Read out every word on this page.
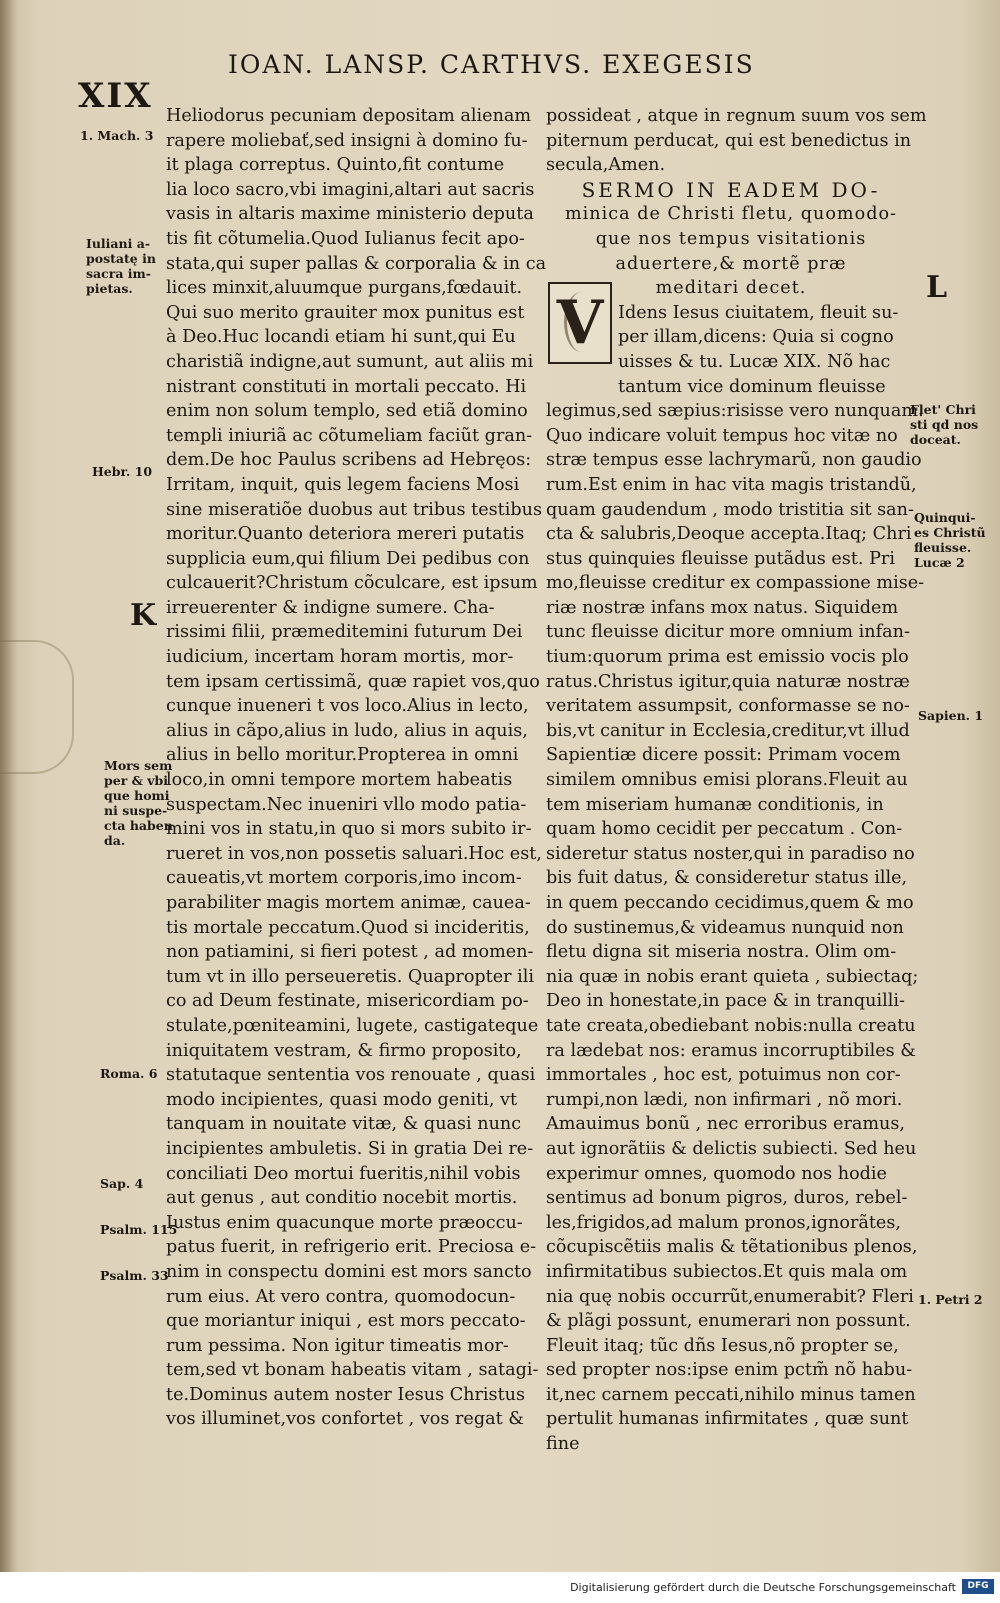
XIX
IOAN. LANSP. CARTHVS. EXEGESIS
Heliodorus pecuniam depositam alienam
rapere moliebať,sed insigni à domino fu-
it plaga correptus. Quinto,fit contume
lia loco sacro,vbi imagini,altari aut sacris
vasis in altaris maxime ministerio deputa
tis fit cõtumelia.Quod Iulianus fecit apo-
stata,qui super pallas & corporalia & in ca
lices minxit,aluumque purgans,fœdauit.
Qui suo merito grauiter mox punitus est
à Deo.Huc locandi etiam hi sunt,qui Eu
charistiã indigne,aut sumunt, aut aliis mi
nistrant constituti in mortali peccato. Hi
enim non solum templo, sed etiã domino
templi iniuriã ac cõtumeliam faciũt gran-
dem.De hoc Paulus scribens ad Hebręos:
Irritam, inquit, quis legem faciens Mosi
sine miseratiõe duobus aut tribus testibus
moritur.Quanto deteriora mereri putatis
supplicia eum,qui filium Dei pedibus con
culcauerit?Christum cõculcare, est ipsum
irreuerenter & indigne sumere. Cha-
rissimi filii, præmeditemini futurum Dei
iudicium, incertam horam mortis, mor-
tem ipsam certissimã, quæ rapiet vos,quo
cunque inueneri t vos loco.Alius in lecto,
alius in cãpo,alius in ludo, alius in aquis,
alius in bello moritur.Propterea in omni
loco,in omni tempore mortem habeatis
suspectam.Nec inueniri vllo modo patia-
mini vos in statu,in quo si mors subito ir-
rueret in vos,non possetis saluari.Hoc est,
caueatis,vt mortem corporis,imo incom-
parabiliter magis mortem animæ, cauea-
tis mortale peccatum.Quod si incideritis,
non patiamini, si fieri potest , ad momen-
tum vt in illo perseueretis. Quapropter ili
co ad Deum festinate, misericordiam po-
stulate,pœniteamini, lugete, castigateque
iniquitatem vestram, & firmo proposito,
statutaque sententia vos renouate , quasi
modo incipientes, quasi modo geniti, vt
tanquam in nouitate vitæ, & quasi nunc
incipientes ambuletis. Si in gratia Dei re-
conciliati Deo mortui fueritis,nihil vobis
aut genus , aut conditio nocebit mortis.
Iustus enim quacunque morte præoccu-
patus fuerit, in refrigerio erit. Preciosa e-
nim in conspectu domini est mors sancto
rum eius. At vero contra, quomodocun-
que moriantur iniqui , est mors peccato-
rum pessima. Non igitur timeatis mor-
tem,sed vt bonam habeatis vitam , satagi-
te.Dominus autem noster Iesus Christus
vos illuminet,vos confortet , vos regat &
possideat , atque in regnum suum vos sem
piternum perducat, qui est benedictus in
secula,Amen.
SERMO IN EADEM DO-
minica de Christi fletu, quomodo-
que nos tempus visitationis
aduertere,& mortẽ præ
meditari decet.
Idens Iesus ciuitatem, fleuit su-
per illam,dicens: Quia si cogno
uisses & tu. Lucæ XIX. Nõ hac
tantum vice dominum fleuisse
legimus,sed sæpius:risisse vero nunquam.
Quo indicare voluit tempus hoc vitæ no
stræ tempus esse lachrymarũ, non gaudio
rum.Est enim in hac vita magis tristandũ,
quam gaudendum , modo tristitia sit san-
cta & salubris,Deoque accepta.Itaq; Chri
stus quinquies fleuisse putãdus est. Pri
mo,fleuisse creditur ex compassione mise-
riæ nostræ infans mox natus. Siquidem
tunc fleuisse dicitur more omnium infan-
tium:quorum prima est emissio vocis plo
ratus.Christus igitur,quia naturæ nostræ
veritatem assumpsit, conformasse se no-
bis,vt canitur in Ecclesia,creditur,vt illud
Sapientiæ dicere possit: Primam vocem
similem omnibus emisi plorans.Fleuit au
tem miseriam humanæ conditionis, in
quam homo cecidit per peccatum . Con-
sideretur status noster,qui in paradiso no
bis fuit datus, & consideretur status ille,
in quem peccando cecidimus,quem & mo
do sustinemus,& videamus nunquid non
fletu digna sit miseria nostra. Olim om-
nia quæ in nobis erant quieta , subiectaq;
Deo in honestate,in pace & in tranquilli-
tate creata,obediebant nobis:nulla creatu
ra lædebat nos: eramus incorruptibiles &
immortales , hoc est, potuimus non cor-
rumpi,non lædi, non infirmari , nõ mori.
Amauimus bonũ , nec erroribus eramus,
aut ignorãtiis & delictis subiecti. Sed heu
experimur omnes, quomodo nos hodie
sentimus ad bonum pigros, duros, rebel-
les,frigidos,ad malum pronos,ignorãtes,
cõcupiscẽtiis malis & tẽtationibus plenos,
infirmitatibus subiectos.Et quis mala om
nia quę nobis occurrũt,enumerabit? Fleri
& plãgi possunt, enumerari non possunt.
Fleuit itaq; tũc dñs Iesus,nõ propter se,
sed propter nos:ipse enim pctm̃ nõ habu-
it,nec carnem peccati,nihilo minus tamen
pertulit humanas infirmitates , quæ sunt
fine
V
1. Mach. 3
Iuliani a-
postatę in
sacra im-
pietas.
Hebr. 10
K
Mors sem
per & vbi
que homi
ni suspe-
cta haben
da.
Roma. 6
Sap. 4
Psalm. 115
Psalm. 33
L
Flet' Chri
sti qd nos
doceat.
Quinqui-
es Christũ
fleuisse.
Lucæ 2
Sapien. 1
1. Petri 2
Digitalisierung gefördert durch die Deutsche Forschungsgemeinschaft	DFG
